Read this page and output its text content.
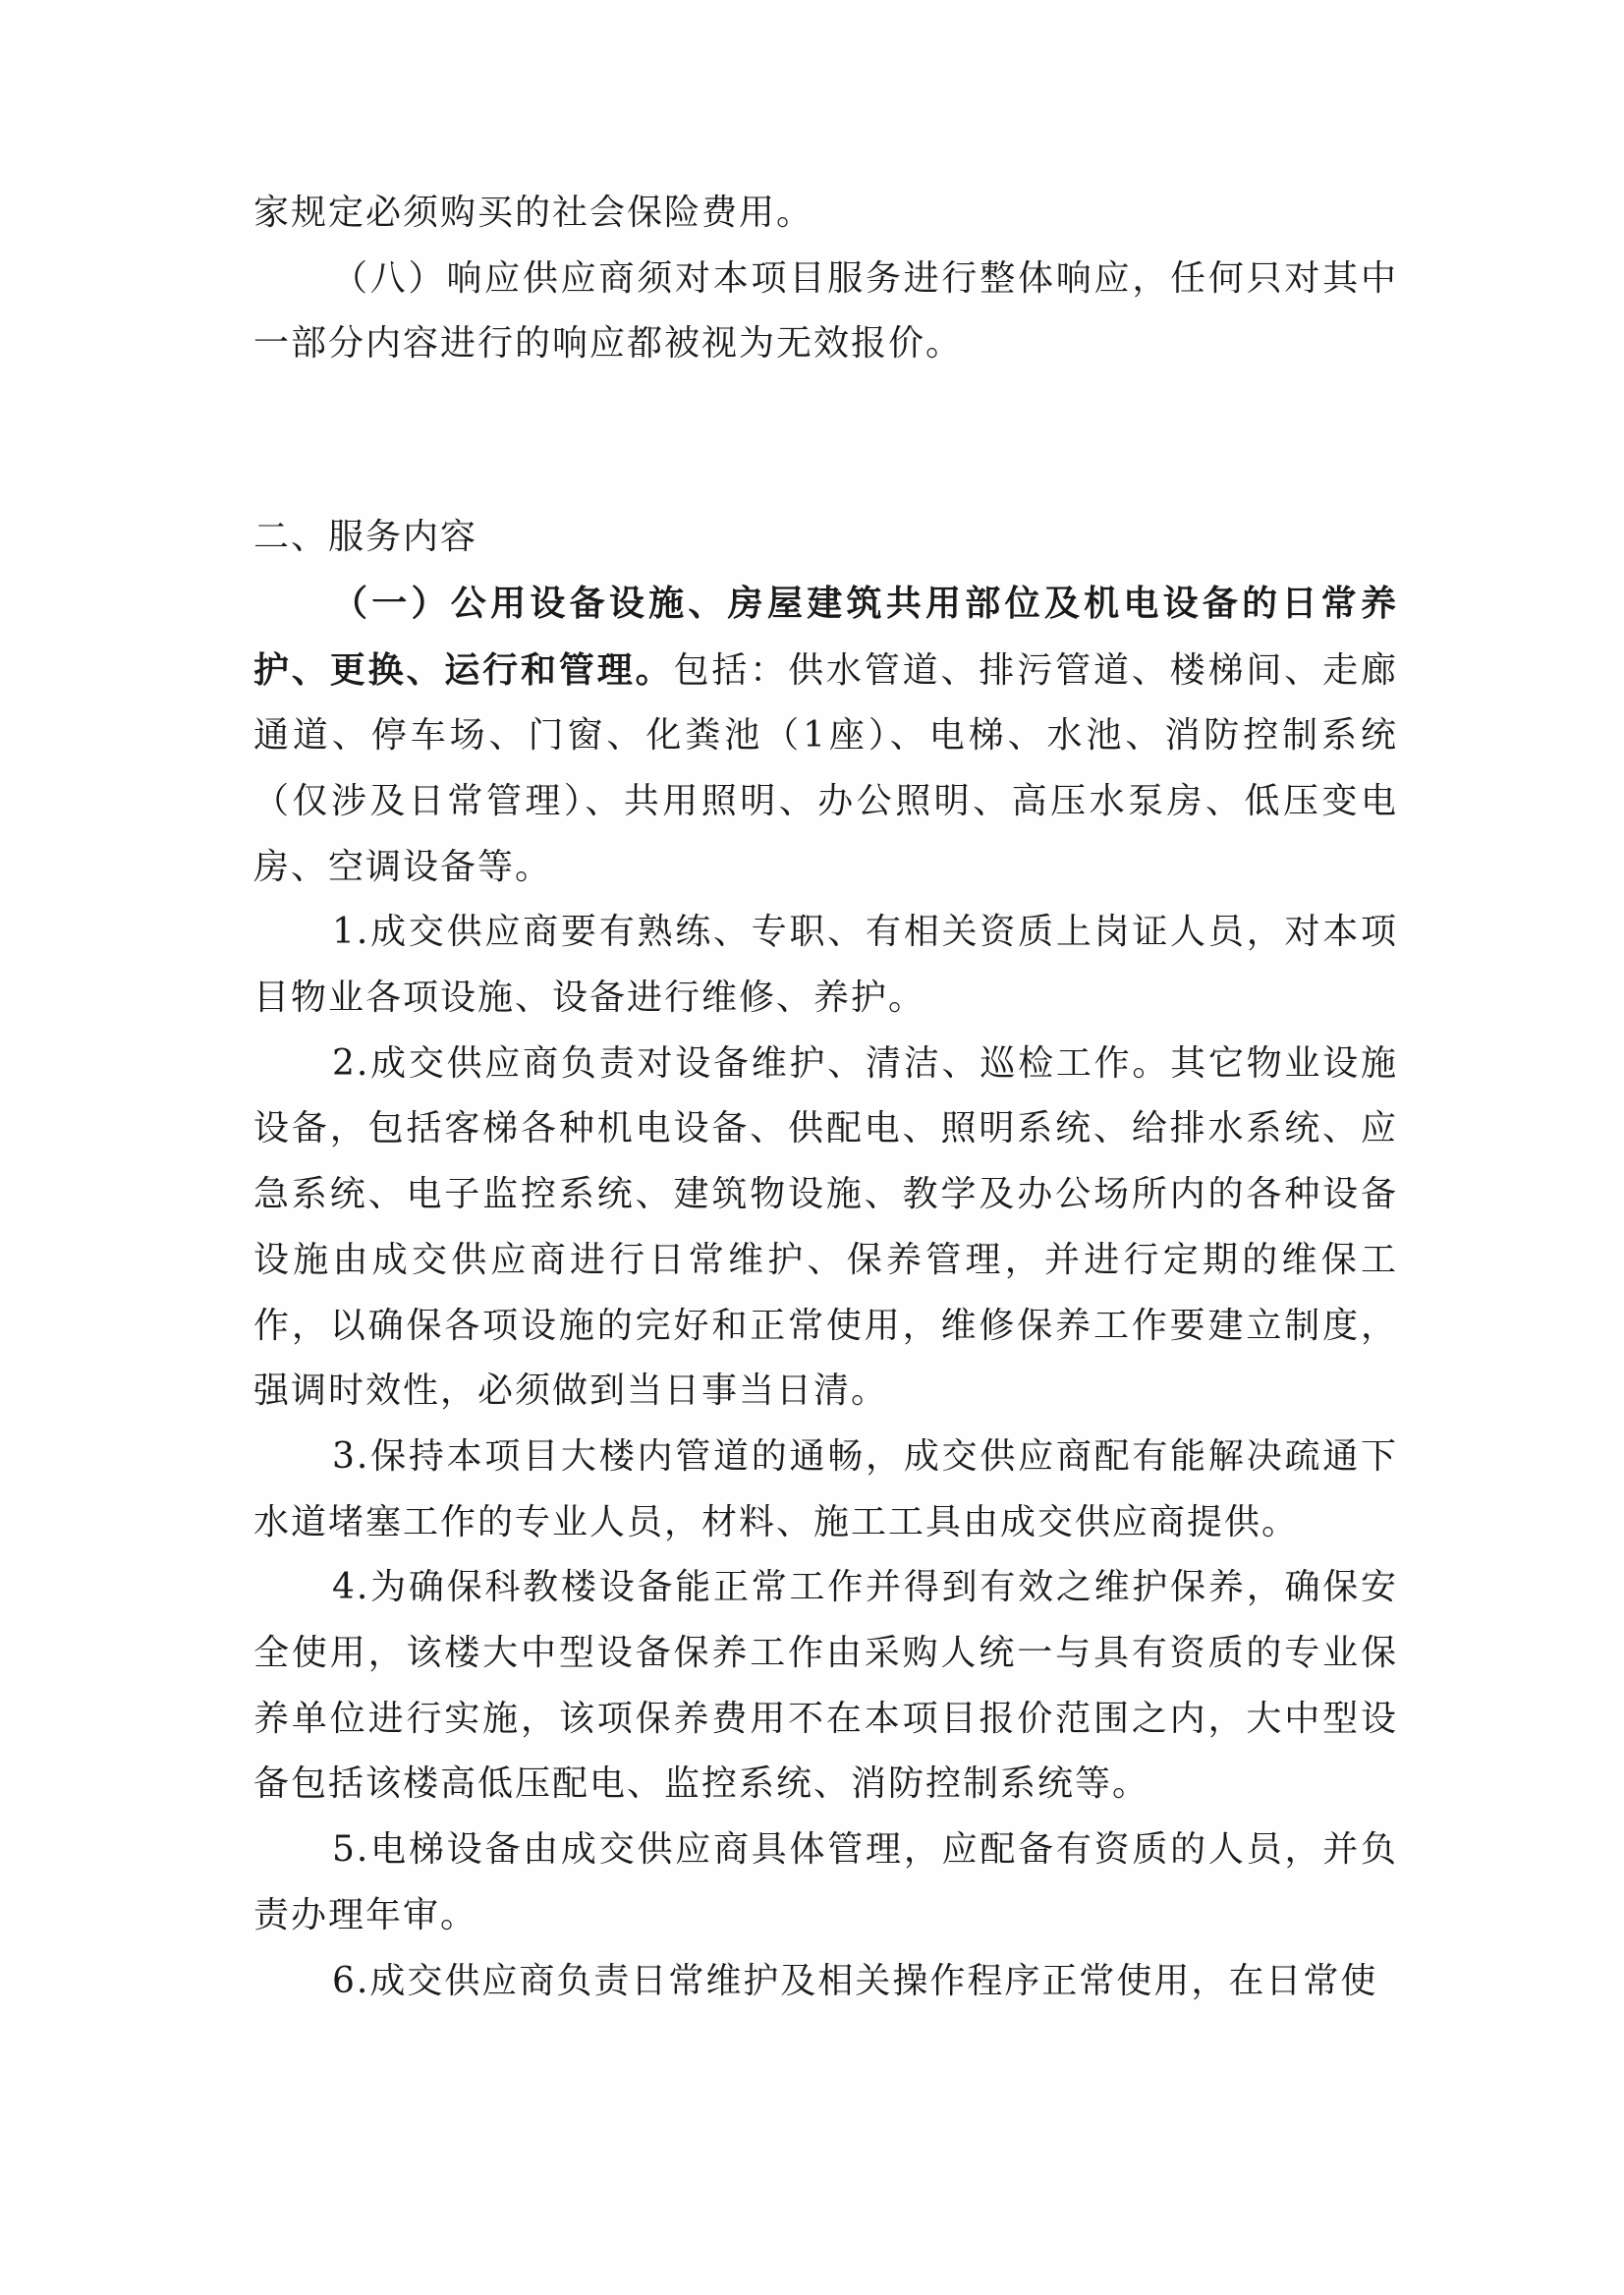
家规定必须购买的社会保险费用。

（八）响应供应商须对本项目服务进行整体响应，任何只对其中一部分内容进行的响应都被视为无效报价。

二、服务内容

（一）公用设备设施、房屋建筑共用部位及机电设备的日常养护、更换、运行和管理。包括：供水管道、排污管道、楼梯间、走廊通道、停车场、门窗、化粪池（1座）、电梯、水池、消防控制系统（仅涉及日常管理）、共用照明、办公照明、高压水泵房、低压变电房、空调设备等。

1.成交供应商要有熟练、专职、有相关资质上岗证人员，对本项目物业各项设施、设备进行维修、养护。

2.成交供应商负责对设备维护、清洁、巡检工作。其它物业设施设备，包括客梯各种机电设备、供配电、照明系统、给排水系统、应急系统、电子监控系统、建筑物设施、教学及办公场所内的各种设备设施由成交供应商进行日常维护、保养管理，并进行定期的维保工作，以确保各项设施的完好和正常使用，维修保养工作要建立制度，强调时效性，必须做到当日事当日清。

3.保持本项目大楼内管道的通畅，成交供应商配有能解决疏通下水道堵塞工作的专业人员，材料、施工工具由成交供应商提供。

4.为确保科教楼设备能正常工作并得到有效之维护保养，确保安全使用，该楼大中型设备保养工作由采购人统一与具有资质的专业保养单位进行实施，该项保养费用不在本项目报价范围之内，大中型设备包括该楼高低压配电、监控系统、消防控制系统等。

5.电梯设备由成交供应商具体管理，应配备有资质的人员，并负责办理年审。

6.成交供应商负责日常维护及相关操作程序正常使用，在日常使
